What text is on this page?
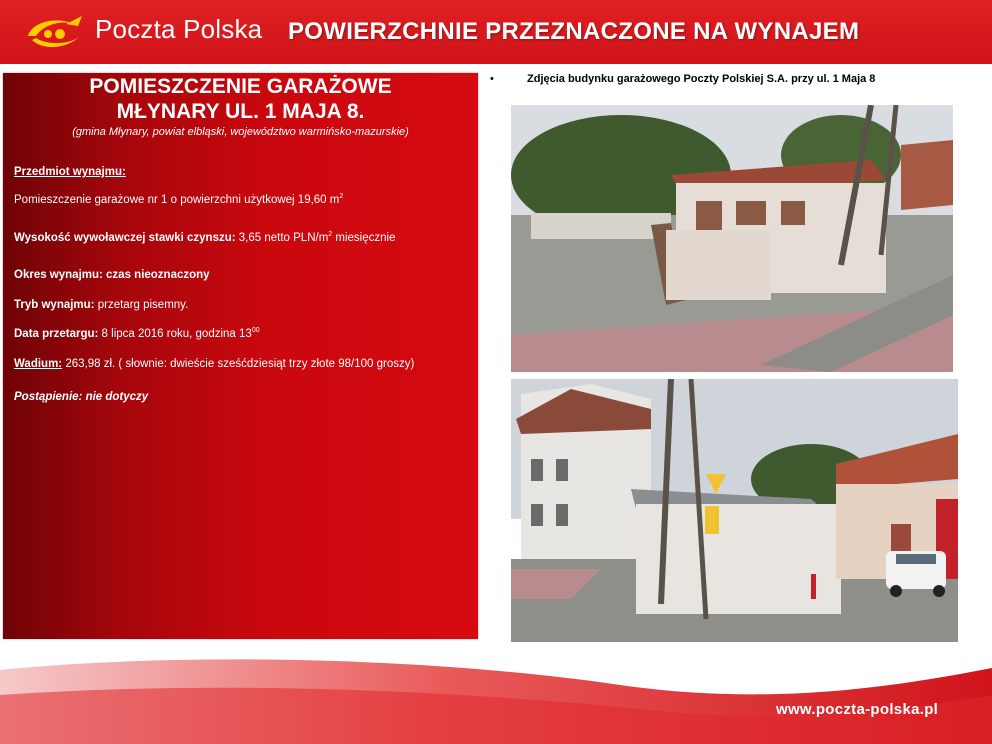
Poczta Polska POWIERZCHNIE PRZEZNACZONE NA WYNAJEM
POMIESZCZENIE GARAŻOWE
MŁYNARY UL. 1 MAJA 8.
(gmina Młynary, powiat elbląski, województwo warmińsko-mazurskie)
Przedmiot wynajmu:
Pomieszczenie garażowe nr 1 o powierzchni użytkowej 19,60 $m^2$
Wysokość wywoławczej stawki czynszu: 3,65 netto PLN/$m^2$ miesięcznie
Okres wynajmu: czas nieoznaczony
Tryb wynajmu: przetarg pisemny.
Data przetargu: 8 lipca 2016 roku, godzina $13^{00}$
Wadium: 263,98 zł. ( słownie: dwieście sześćdziesiąt trzy złote 98/100 groszy)
Postąpienie: nie dotyczy
•	Zdjęcia budynku garażowego Poczty Polskiej S.A. przy ul. 1 Maja 8
www.poczta-polska.pl
